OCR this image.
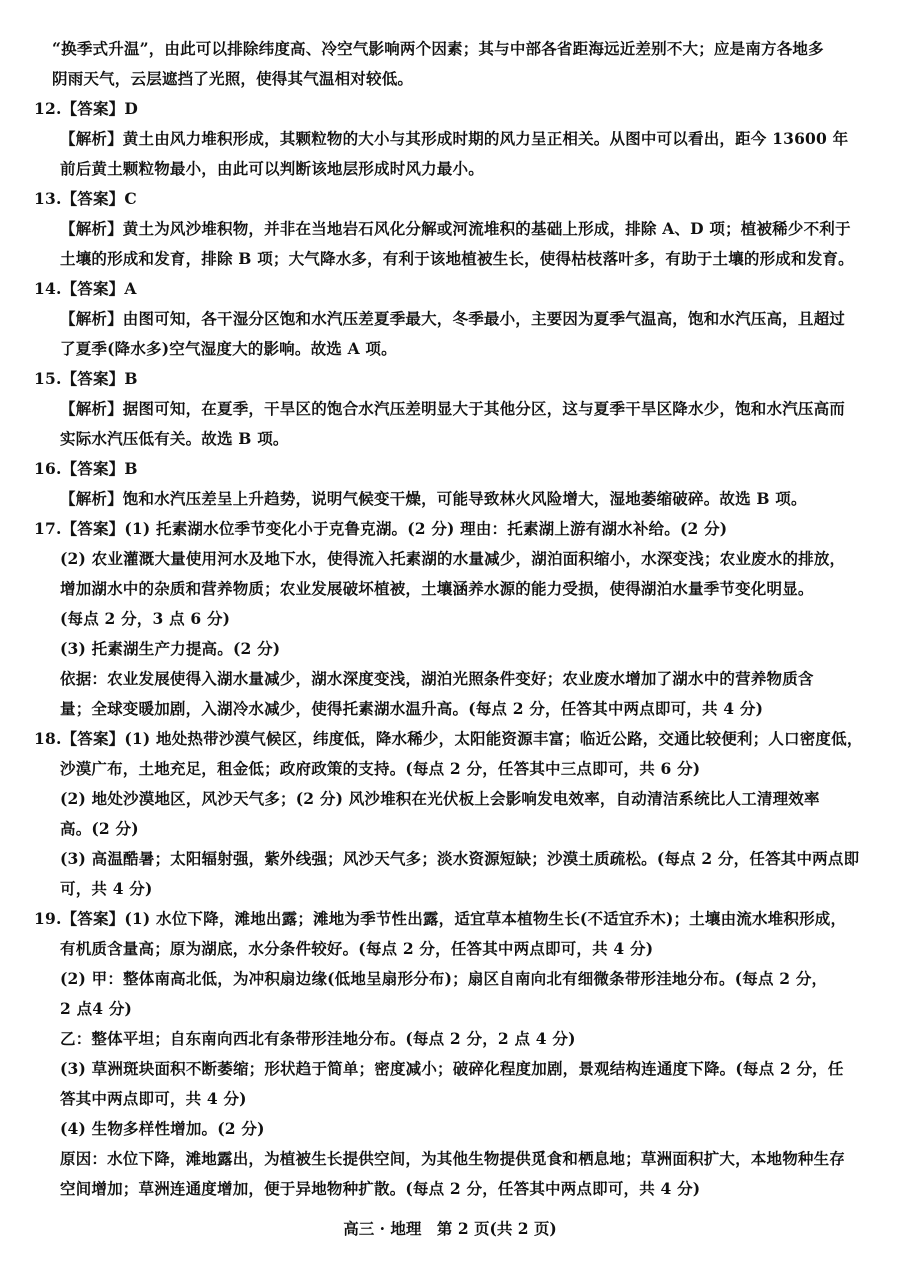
“换季式升温”，由此可以排除纬度高、冷空气影响两个因素；其与中部各省距海远近差别不大；应是南方各地多
阴雨天气，云层遮挡了光照，使得其气温相对较低。
12.【答案】D
【解析】黄土由风力堆积形成，其颗粒物的大小与其形成时期的风力呈正相关。从图中可以看出，距今 13600 年
前后黄土颗粒物最小，由此可以判断该地层形成时风力最小。
13.【答案】C
【解析】黄土为风沙堆积物，并非在当地岩石风化分解或河流堆积的基础上形成，排除 A、D 项；植被稀少不利于
土壤的形成和发育，排除 B 项；大气降水多，有利于该地植被生长，使得枯枝落叶多，有助于土壤的形成和发育。
14.【答案】A
【解析】由图可知，各干湿分区饱和水汽压差夏季最大，冬季最小，主要因为夏季气温高，饱和水汽压高，且超过
了夏季(降水多)空气湿度大的影响。故选 A 项。
15.【答案】B
【解析】据图可知，在夏季，干旱区的饱合水汽压差明显大于其他分区，这与夏季干旱区降水少，饱和水汽压高而
实际水汽压低有关。故选 B 项。
16.【答案】B
【解析】饱和水汽压差呈上升趋势，说明气候变干燥，可能导致林火风险增大，湿地萎缩破碎。故选 B 项。
17.【答案】(1) 托素湖水位季节变化小于克鲁克湖。(2 分) 理由：托素湖上游有湖水补给。(2 分)
(2) 农业灌溉大量使用河水及地下水，使得流入托素湖的水量减少，湖泊面积缩小，水深变浅；农业废水的排放，
增加湖水中的杂质和营养物质；农业发展破坏植被，土壤涵养水源的能力受损，使得湖泊水量季节变化明显。
(每点 2 分，3 点 6 分)
(3) 托素湖生产力提高。(2 分)
依据：农业发展使得入湖水量减少，湖水深度变浅，湖泊光照条件变好；农业废水增加了湖水中的营养物质含
量；全球变暖加剧，入湖冷水减少，使得托素湖水温升高。(每点 2 分，任答其中两点即可，共 4 分)
18.【答案】(1) 地处热带沙漠气候区，纬度低，降水稀少，太阳能资源丰富；临近公路，交通比较便利；人口密度低，
沙漠广布，土地充足，租金低；政府政策的支持。(每点 2 分，任答其中三点即可，共 6 分)
(2) 地处沙漠地区，风沙天气多；(2 分) 风沙堆积在光伏板上会影响发电效率，自动清洁系统比人工清理效率
高。(2 分)
(3) 高温酷暑；太阳辐射强，紫外线强；风沙天气多；淡水资源短缺；沙漠土质疏松。(每点 2 分，任答其中两点即
可，共 4 分)
19.【答案】(1) 水位下降，滩地出露；滩地为季节性出露，适宜草本植物生长(不适宜乔木)；土壤由流水堆积形成，
有机质含量高；原为湖底，水分条件较好。(每点 2 分，任答其中两点即可，共 4 分)
(2) 甲：整体南高北低，为冲积扇边缘(低地呈扇形分布)；扇区自南向北有细微条带形洼地分布。(每点 2 分，
2 点4 分)
乙：整体平坦；自东南向西北有条带形洼地分布。(每点 2 分，2 点 4 分)
(3) 草洲斑块面积不断萎缩；形状趋于简单；密度减小；破碎化程度加剧，景观结构连通度下降。(每点 2 分，任
答其中两点即可，共 4 分)
(4) 生物多样性增加。(2 分)
原因：水位下降，滩地露出，为植被生长提供空间，为其他生物提供觅食和栖息地；草洲面积扩大，本地物种生存
空间增加；草洲连通度增加，便于异地物种扩散。(每点 2 分，任答其中两点即可，共 4 分)
高三 · 地理　第 2 页(共 2 页)
